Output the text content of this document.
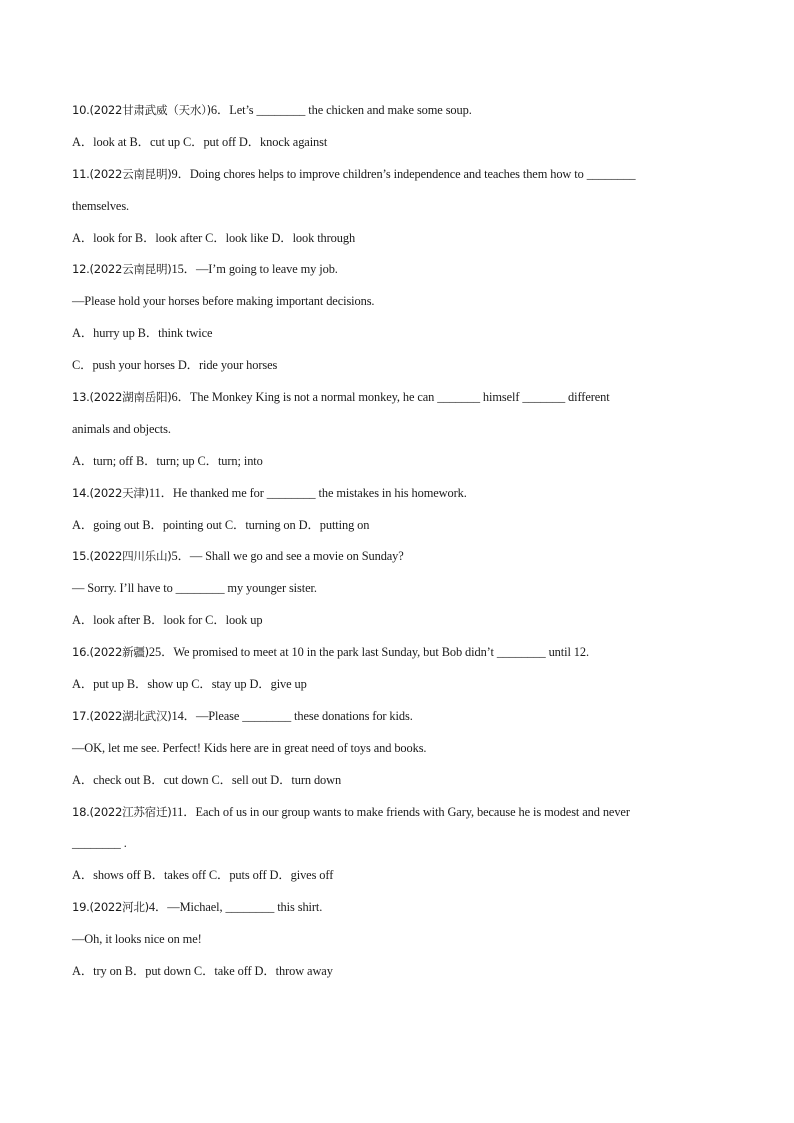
10.(2022甘肃武威（天水）)6．Let’s ________ the chicken and make some soup.
A．look at B．cut up C．put off D．knock against
11.(2022云南昆明)9．Doing chores helps to improve children’s independence and teaches them how to ________
themselves.
A．look for B．look after C．look like D．look through
12.(2022云南昆明)15．—I’m going to leave my job.
—Please hold your horses before making important decisions.
A．hurry up B．think twice
C．push your horses D．ride your horses
13.(2022湖南岳阳)6．The Monkey King is not a normal monkey, he can _______ himself _______ different
animals and objects.
A．turn; off B．turn; up C．turn; into
14.(2022天津)11．He thanked me for ________ the mistakes in his homework.
A．going out B．pointing out C．turning on D．putting on
15.(2022四川乐山)5．— Shall we go and see a movie on Sunday?
— Sorry. I’ll have to ________ my younger sister.
A．look after B．look for C．look up
16.(2022新疆)25．We promised to meet at 10 in the park last Sunday, but Bob didn’t ________ until 12.
A．put up B．show up C．stay up D．give up
17.(2022湖北武汉)14．—Please ________ these donations for kids.
—OK, let me see. Perfect! Kids here are in great need of toys and books.
A．check out B．cut down C．sell out D．turn down
18.(2022江苏宿迁)11．Each of us in our group wants to make friends with Gary, because he is modest and never
________ .
A．shows off B．takes off C．puts off D．gives off
19.(2022河北)4．—Michael, ________ this shirt.
—Oh, it looks nice on me!
A．try on B．put down C．take off D．throw away
